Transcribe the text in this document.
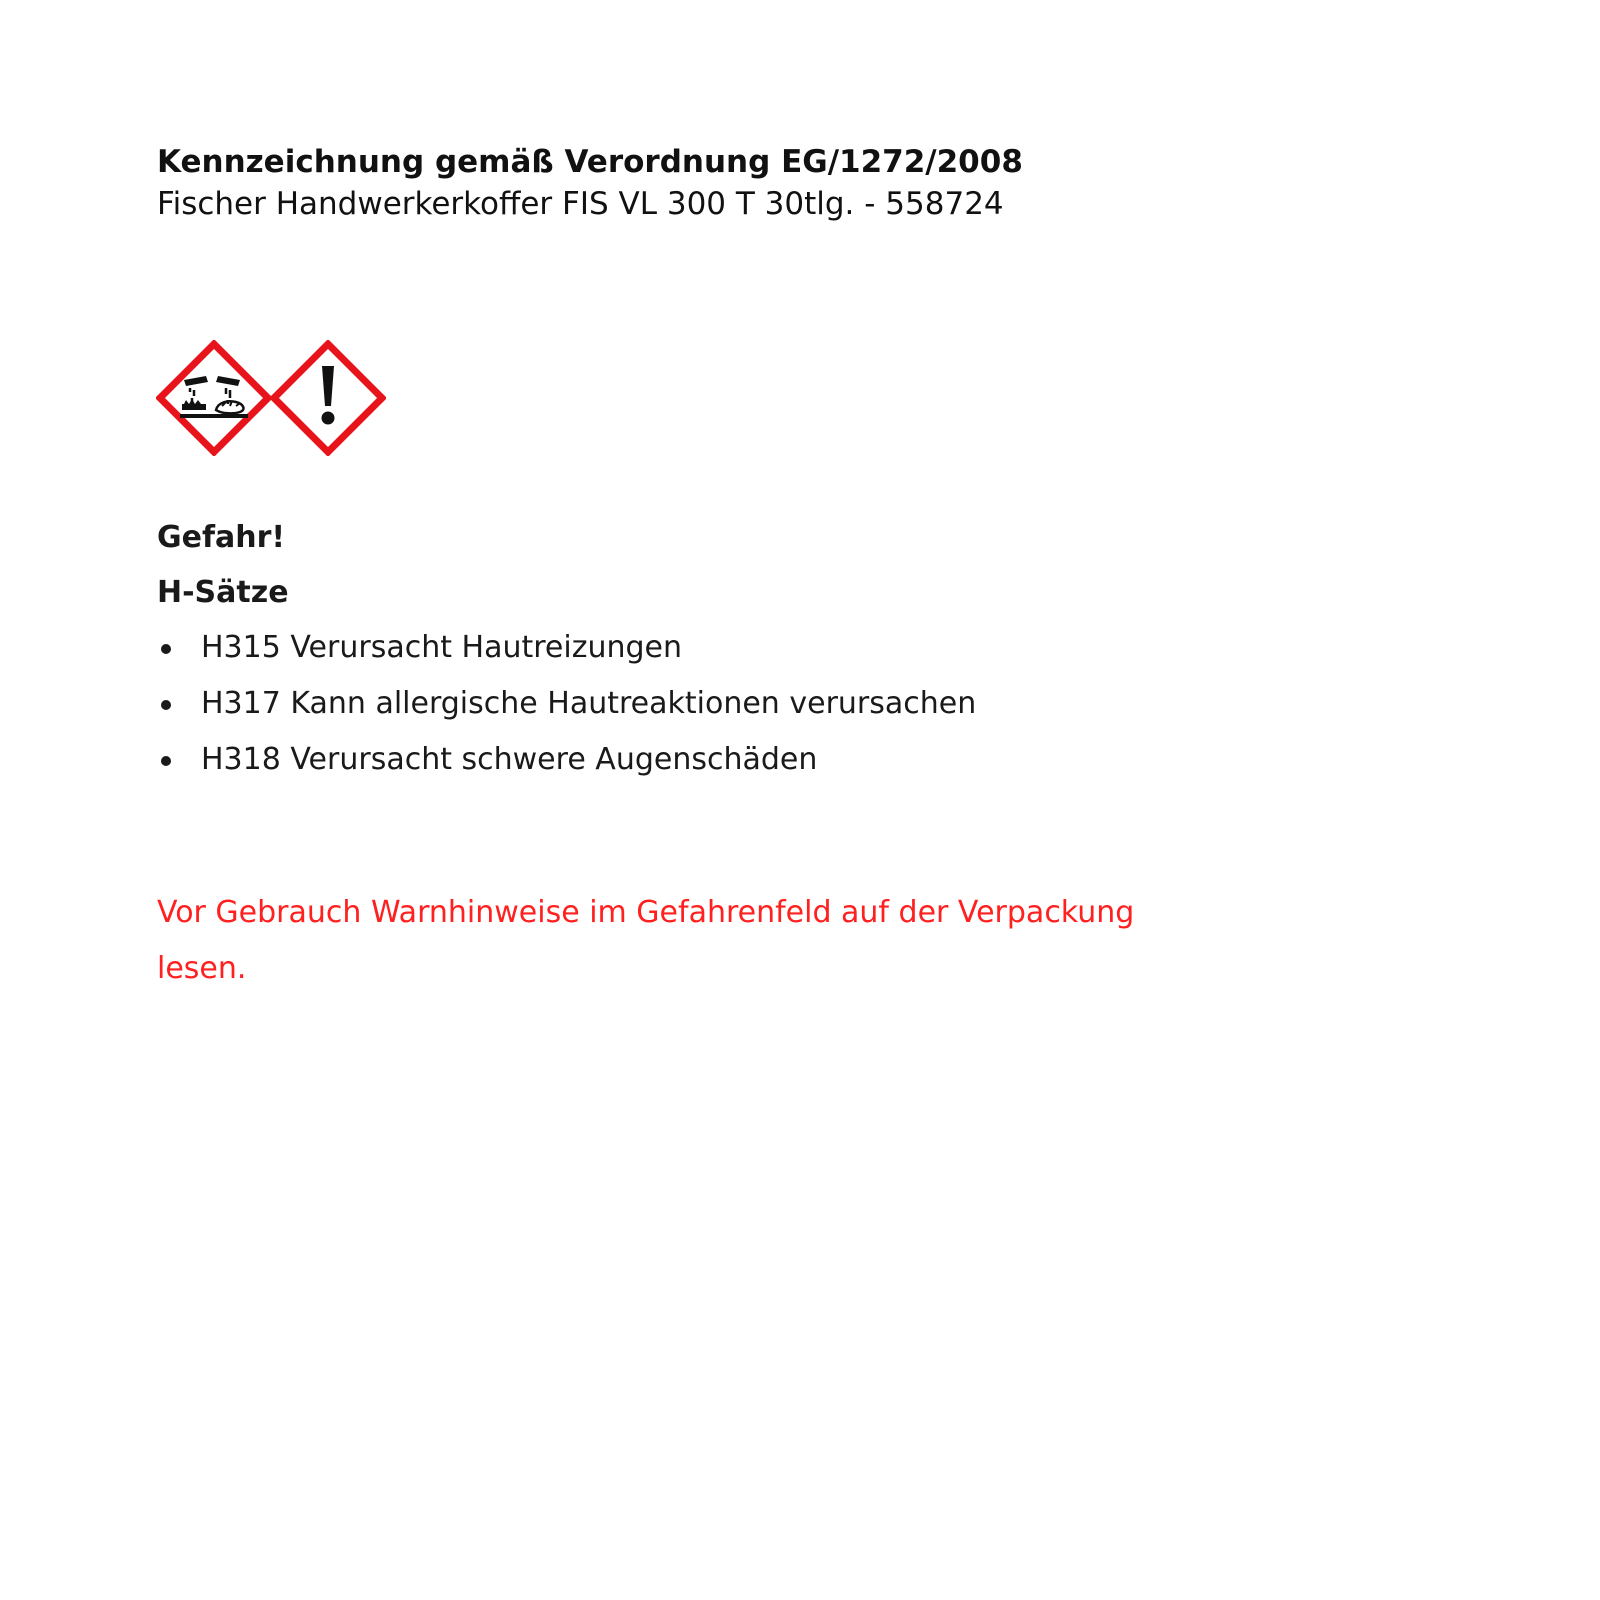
Kennzeichnung gemäß Verordnung EG/1272/2008
Fischer Handwerkerkoffer FIS VL 300 T 30tlg. - 558724
Gefahr!
H-Sätze
H315 Verursacht Hautreizungen
H317 Kann allergische Hautreaktionen verursachen
H318 Verursacht schwere Augenschäden
Vor Gebrauch Warnhinweise im Gefahrenfeld auf der Verpackung lesen.
